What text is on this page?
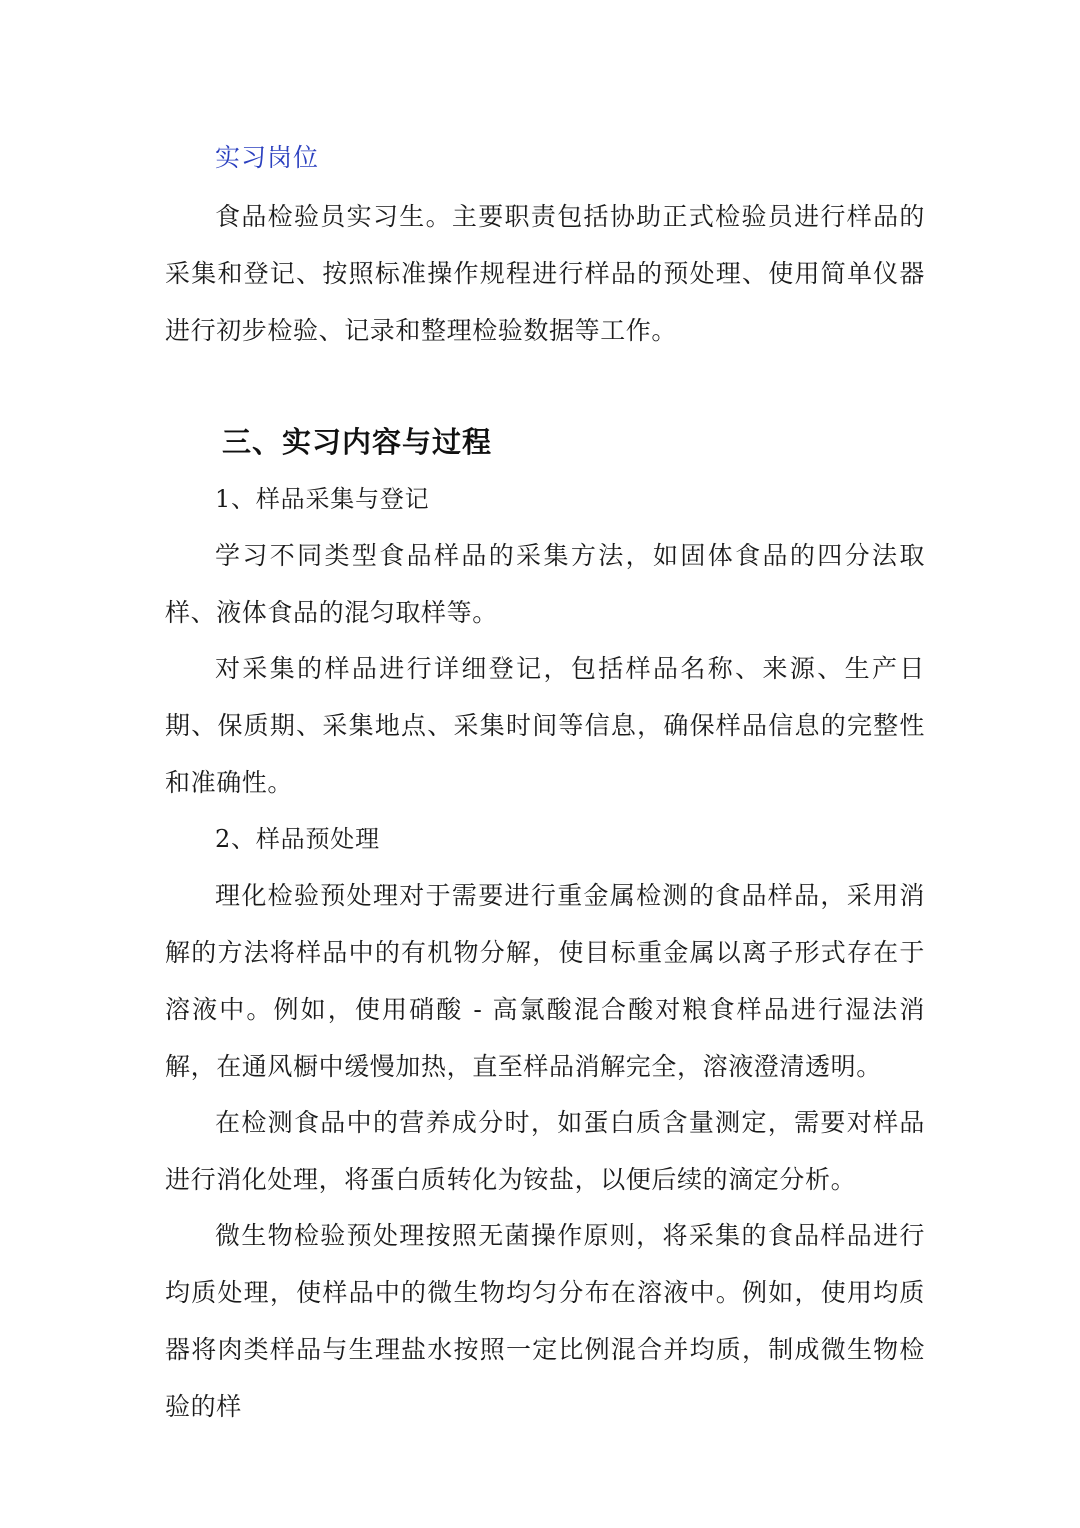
实习岗位

食品检验员实习生。主要职责包括协助正式检验员进行样品的采集和登记、按照标准操作规程进行样品的预处理、使用简单仪器进行初步检验、记录和整理检验数据等工作。

三、实习内容与过程
1、样品采集与登记

学习不同类型食品样品的采集方法，如固体食品的四分法取样、液体食品的混匀取样等。

对采集的样品进行详细登记，包括样品名称、来源、生产日期、保质期、采集地点、采集时间等信息，确保样品信息的完整性和准确性。

2、样品预处理

理化检验预处理对于需要进行重金属检测的食品样品，采用消解的方法将样品中的有机物分解，使目标重金属以离子形式存在于溶液中。例如，使用硝酸 - 高氯酸混合酸对粮食样品进行湿法消解，在通风橱中缓慢加热，直至样品消解完全，溶液澄清透明。

在检测食品中的营养成分时，如蛋白质含量测定，需要对样品进行消化处理，将蛋白质转化为铵盐，以便后续的滴定分析。

微生物检验预处理按照无菌操作原则，将采集的食品样品进行均质处理，使样品中的微生物均匀分布在溶液中。例如，使用均质器将肉类样品与生理盐水按照一定比例混合并均质，制成微生物检验的样
